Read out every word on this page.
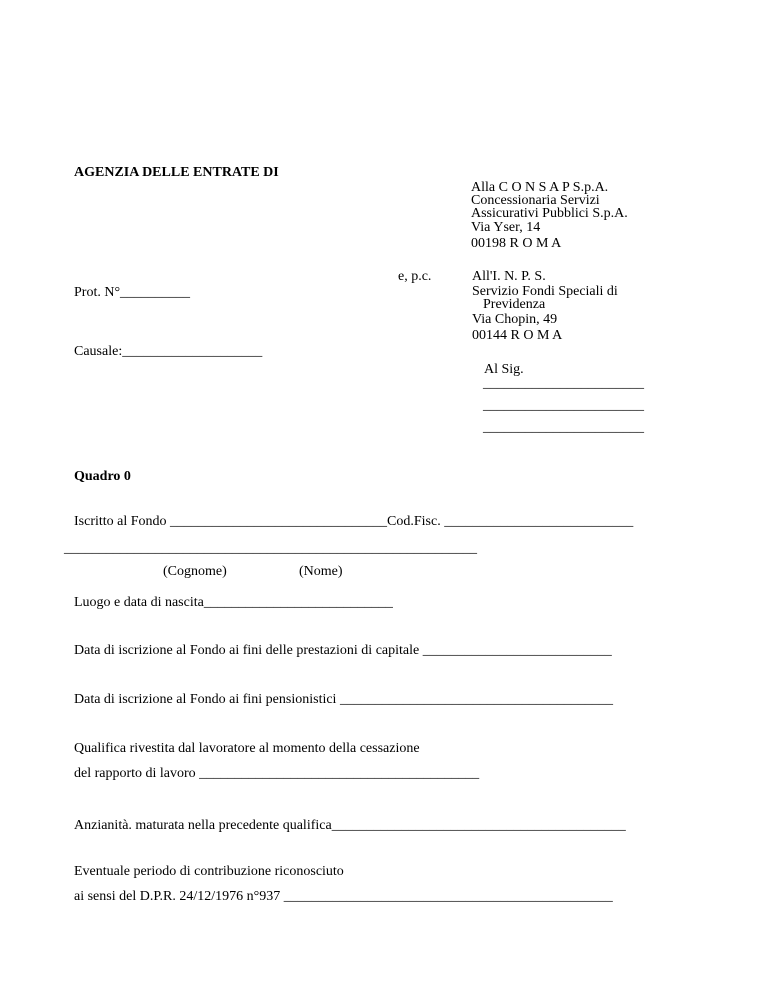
AGENZIA DELLE ENTRATE DI
Alla C O N S A P S.p.A.
Concessionaria Servizi
Assicurativi Pubblici S.p.A.
Via Yser, 14
00198 R O M A
e, p.c.	All'I. N. P. S.
Servizio Fondi Speciali di
Previdenza
Via Chopin, 49
00144 R O M A
Prot. N°__________
Causale:____________________
Al Sig.
_______________________
_______________________
_______________________
Quadro 0
Iscritto al Fondo _______________________________Cod.Fisc. ___________________________
___________________________________________________________
(Cognome)	(Nome)
Luogo e data di nascita___________________________
Data di iscrizione al Fondo ai fini delle prestazioni di capitale ___________________________
Data di iscrizione al Fondo ai fini pensionistici _______________________________________
Qualifica rivestita dal lavoratore al momento della cessazione
del rapporto di lavoro ________________________________________
Anzianità. maturata nella precedente qualifica__________________________________________
Eventuale periodo di contribuzione riconosciuto
ai sensi del D.P.R. 24/12/1976 n°937 _______________________________________________
